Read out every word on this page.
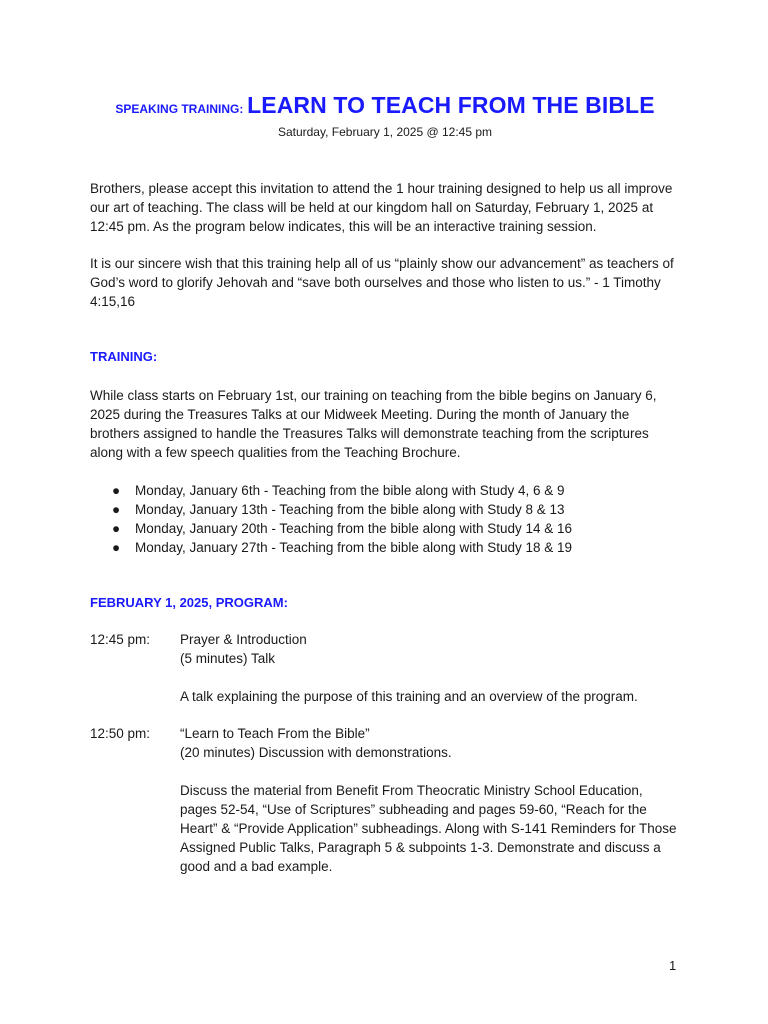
SPEAKING TRAINING: LEARN TO TEACH FROM THE BIBLE
Saturday, February 1, 2025 @ 12:45 pm

Brothers, please accept this invitation to attend the 1 hour training designed to help us all improve our art of teaching. The class will be held at our kingdom hall on Saturday, February 1, 2025 at 12:45 pm. As the program below indicates, this will be an interactive training session.

It is our sincere wish that this training help all of us “plainly show our advancement” as teachers of God’s word to glorify Jehovah and “save both ourselves and those who listen to us.” - 1 Timothy 4:15,16

TRAINING:

While class starts on February 1st, our training on teaching from the bible begins on January 6, 2025 during the Treasures Talks at our Midweek Meeting. During the month of January the brothers assigned to handle the Treasures Talks will demonstrate teaching from the scriptures along with a few speech qualities from the Teaching Brochure.

● Monday, January 6th - Teaching from the bible along with Study 4, 6 & 9
● Monday, January 13th - Teaching from the bible along with Study 8 & 13
● Monday, January 20th - Teaching from the bible along with Study 14 & 16
● Monday, January 27th - Teaching from the bible along with Study 18 & 19
FEBRUARY 1, 2025, PROGRAM:
12:45 pm: Prayer & Introduction
(5 minutes) Talk
A talk explaining the purpose of this training and an overview of the program.
12:50 pm: “Learn to Teach From the Bible”
(20 minutes) Discussion with demonstrations.
Discuss the material from Benefit From Theocratic Ministry School Education, pages 52-54, “Use of Scriptures” subheading and pages 59-60, “Reach for the Heart” & “Provide Application” subheadings. Along with S-141 Reminders for Those Assigned Public Talks, Paragraph 5 & subpoints 1-3. Demonstrate and discuss a good and a bad example.
1
